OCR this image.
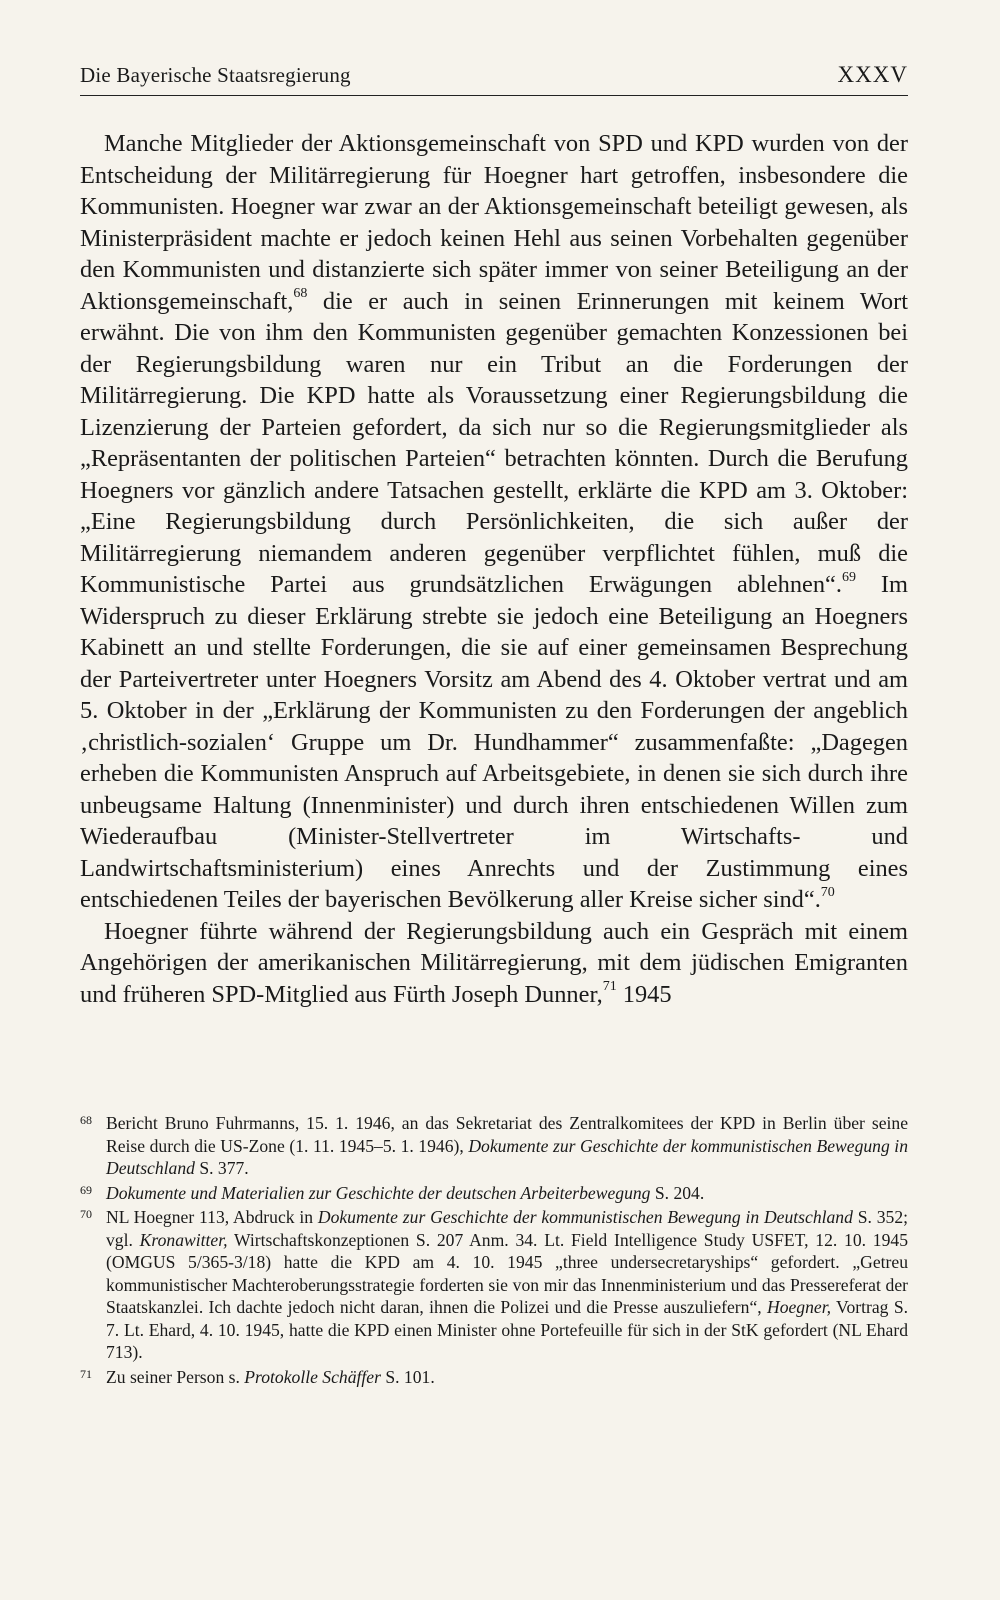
Die Bayerische Staatsregierung	XXXV

Manche Mitglieder der Aktionsgemeinschaft von SPD und KPD wurden von der Entscheidung der Militärregierung für Hoegner hart getroffen, insbesondere die Kommunisten. Hoegner war zwar an der Aktionsgemeinschaft beteiligt gewesen, als Ministerpräsident machte er jedoch keinen Hehl aus seinen Vorbehalten gegenüber den Kommunisten und distanzierte sich später immer von seiner Beteiligung an der Aktionsgemeinschaft,$^{68}$ die er auch in seinen Erinnerungen mit keinem Wort erwähnt. Die von ihm den Kommunisten gegenüber gemachten Konzessionen bei der Regierungsbildung waren nur ein Tribut an die Forderungen der Militärregierung. Die KPD hatte als Voraussetzung einer Regierungsbildung die Lizenzierung der Parteien gefordert, da sich nur so die Regierungsmitglieder als „Repräsentanten der politischen Parteien“ betrachten könnten. Durch die Berufung Hoegners vor gänzlich andere Tatsachen gestellt, erklärte die KPD am 3. Oktober: „Eine Regierungsbildung durch Persönlichkeiten, die sich außer der Militärregierung niemandem anderen gegenüber verpflichtet fühlen, muß die Kommunistische Partei aus grundsätzlichen Erwägungen ablehnen“.$^{69}$ Im Widerspruch zu dieser Erklärung strebte sie jedoch eine Beteiligung an Hoegners Kabinett an und stellte Forderungen, die sie auf einer gemeinsamen Besprechung der Parteivertreter unter Hoegners Vorsitz am Abend des 4. Oktober vertrat und am 5. Oktober in der „Erklärung der Kommunisten zu den Forderungen der angeblich ‚christlich-sozialen‘ Gruppe um Dr. Hundhammer“ zusammenfaßte: „Dagegen erheben die Kommunisten Anspruch auf Arbeitsgebiete, in denen sie sich durch ihre unbeugsame Haltung (Innenminister) und durch ihren entschiedenen Willen zum Wiederaufbau (Minister-Stellvertreter im Wirtschafts- und Landwirtschaftsministerium) eines Anrechts und der Zustimmung eines entschiedenen Teiles der bayerischen Bevölkerung aller Kreise sicher sind“.$^{70}$

Hoegner führte während der Regierungsbildung auch ein Gespräch mit einem Angehörigen der amerikanischen Militärregierung, mit dem jüdischen Emigranten und früheren SPD-Mitglied aus Fürth Joseph Dunner,$^{71}$ 1945

68 Bericht Bruno Fuhrmanns, 15. 1. 1946, an das Sekretariat des Zentralkomitees der KPD in Berlin über seine Reise durch die US-Zone (1. 11. 1945–5. 1. 1946), Dokumente zur Geschichte der kommunistischen Bewegung in Deutschland S. 377.
69 Dokumente und Materialien zur Geschichte der deutschen Arbeiterbewegung S. 204.
70 NL Hoegner 113, Abdruck in Dokumente zur Geschichte der kommunistischen Bewegung in Deutschland S. 352; vgl. Kronawitter, Wirtschaftskonzeptionen S. 207 Anm. 34. Lt. Field Intelligence Study USFET, 12. 10. 1945 (OMGUS 5/365-3/18) hatte die KPD am 4. 10. 1945 „three undersecretaryships“ gefordert. „Getreu kommunistischer Machteroberungsstrategie forderten sie von mir das Innenministerium und das Pressereferat der Staatskanzlei. Ich dachte jedoch nicht daran, ihnen die Polizei und die Presse auszuliefern“, Hoegner, Vortrag S. 7. Lt. Ehard, 4. 10. 1945, hatte die KPD einen Minister ohne Portefeuille für sich in der StK gefordert (NL Ehard 713).
71 Zu seiner Person s. Protokolle Schäffer S. 101.
